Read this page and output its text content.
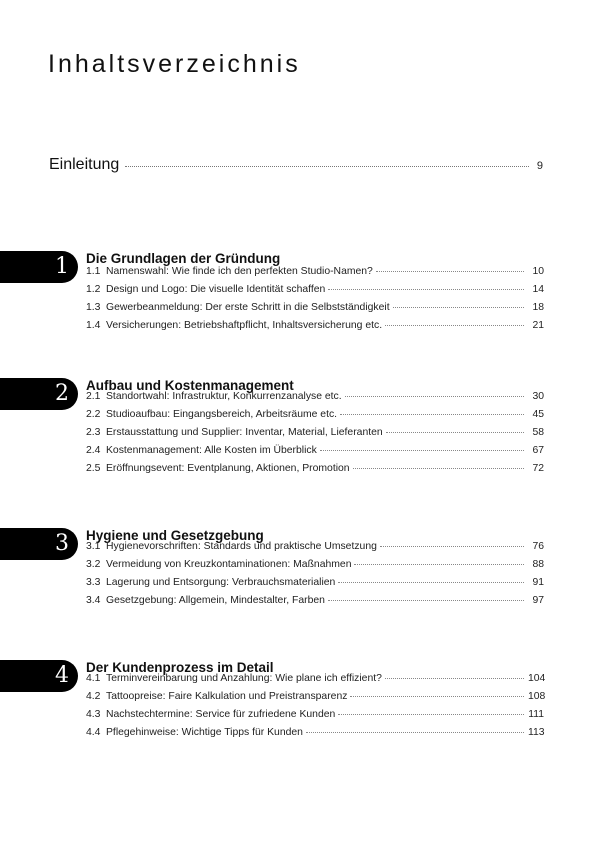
Inhaltsverzeichnis
Einleitung	9
1 Die Grundlagen der Gründung
1.1 Namenswahl: Wie finde ich den perfekten Studio-Namen?	10
1.2 Design und Logo: Die visuelle Identität schaffen	14
1.3 Gewerbeanmeldung: Der erste Schritt in die Selbstständigkeit	18
1.4 Versicherungen: Betriebshaftpflicht, Inhaltsversicherung etc.	21
2 Aufbau und Kostenmanagement
2.1 Standortwahl: Infrastruktur, Konkurrenzanalyse etc.	30
2.2 Studioaufbau: Eingangsbereich, Arbeitsräume etc.	45
2.3 Erstausstattung und Supplier: Inventar, Material, Lieferanten	58
2.4 Kostenmanagement: Alle Kosten im Überblick	67
2.5 Eröffnungsevent: Eventplanung, Aktionen, Promotion	72
3 Hygiene und Gesetzgebung
3.1 Hygienevorschriften: Standards und praktische Umsetzung	76
3.2 Vermeidung von Kreuzkontaminationen: Maßnahmen	88
3.3 Lagerung und Entsorgung: Verbrauchsmaterialien	91
3.4 Gesetzgebung: Allgemein, Mindestalter, Farben	97
4 Der Kundenprozess im Detail
4.1 Terminvereinbarung und Anzahlung: Wie plane ich effizient?	104
4.2 Tattoopreise: Faire Kalkulation und Preistransparenz	108
4.3 Nachstechtermine: Service für zufriedene Kunden	111
4.4 Pflegehinweise: Wichtige Tipps für Kunden	113
